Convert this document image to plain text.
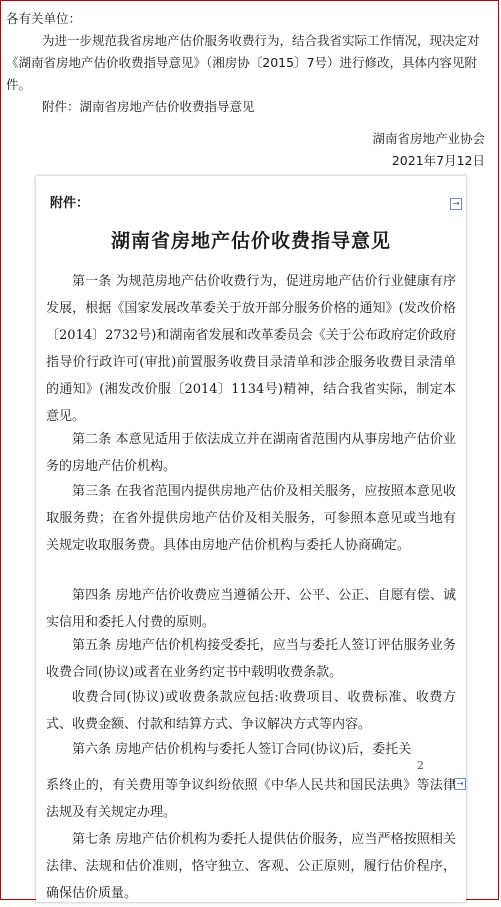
各有关单位：

为进一步规范我省房地产估价服务收费行为，结合我省实际工作情况，现决定对《湖南省房地产估价收费指导意见》（湘房协〔2015〕7号）进行修改，具体内容见附件。

附件：湖南省房地产估价收费指导意见

湖南省房地产业协会
2021年7月12日
附件：	⇥
湖南省房地产估价收费指导意见
第一条 为规范房地产估价收费行为，促进房地产估价行业健康有序发展，根据《国家发展改革委关于放开部分服务价格的通知》(发改价格〔2014〕2732号)和湖南省发展和改革委员会《关于公布政府定价政府指导价行政许可(审批)前置服务收费目录清单和涉企服务收费目录清单的通知》(湘发改价服〔2014〕1134号)精神，结合我省实际，制定本意见。
第二条 本意见适用于依法成立并在湖南省范围内从事房地产估价业务的房地产估价机构。
第三条 在我省范围内提供房地产估价及相关服务，应按照本意见收取服务费；在省外提供房地产估价及相关服务，可参照本意见或当地有关规定收取服务费。具体由房地产估价机构与委托人协商确定。
第四条 房地产估价收费应当遵循公开、公平、公正、自愿有偿、诚实信用和委托人付费的原则。
第五条 房地产估价机构接受委托，应当与委托人签订评估服务业务收费合同(协议)或者在业务约定书中载明收费条款。
收费合同(协议)或收费条款应包括:收费项目、收费标准、收费方式、收费金额、付款和结算方式、争议解决方式等内容。
第六条 房地产估价机构与委托人签订合同(协议)后，委托关
2
⇥
系终止的，有关费用等争议纠纷依照《中华人民共和国民法典》等法律法规及有关规定办理。
第七条 房地产估价机构为委托人提供估价服务，应当严格按照相关法律、法规和估价准则，恪守独立、客观、公正原则，履行估价程序，确保估价质量。
